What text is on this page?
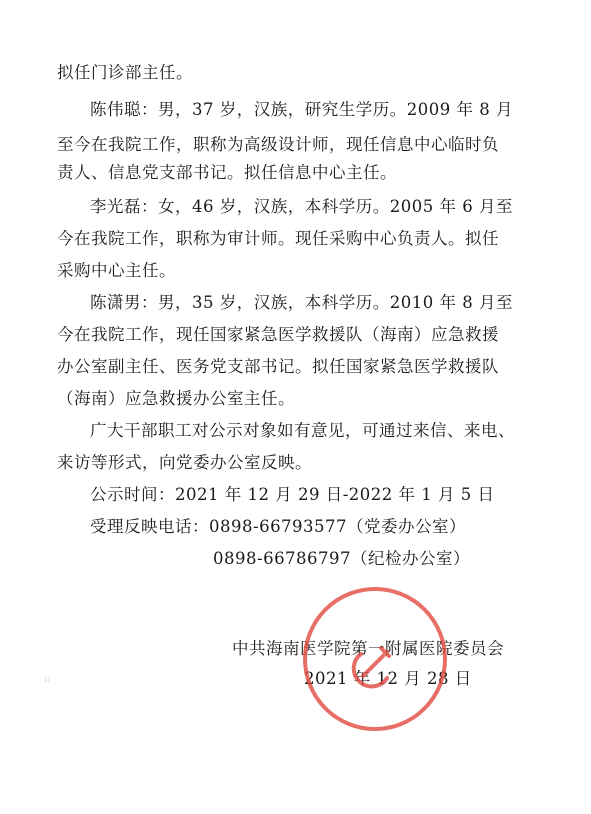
拟任门诊部主任。
陈伟聪：男，37 岁，汉族，研究生学历。2009 年 8 月
至今在我院工作，职称为高级设计师，现任信息中心临时负
责人、信息党支部书记。拟任信息中心主任。
李光磊：女，46 岁，汉族，本科学历。2005 年 6 月至
今在我院工作，职称为审计师。现任采购中心负责人。拟任
采购中心主任。
陈潇男：男，35 岁，汉族，本科学历。2010 年 8 月至
今在我院工作，现任国家紧急医学救援队（海南）应急救援
办公室副主任、医务党支部书记。拟任国家紧急医学救援队
（海南）应急救援办公室主任。
广大干部职工对公示对象如有意见，可通过来信、来电、
来访等形式，向党委办公室反映。
公示时间：2021 年 12 月 29 日-2022 年 1 月 5 日
受理反映电话：0898-66793577（党委办公室）
0898-66786797（纪检办公室）
中共海南医学院第一附属医院委员会
2021 年 12 月 28 日
ıı
